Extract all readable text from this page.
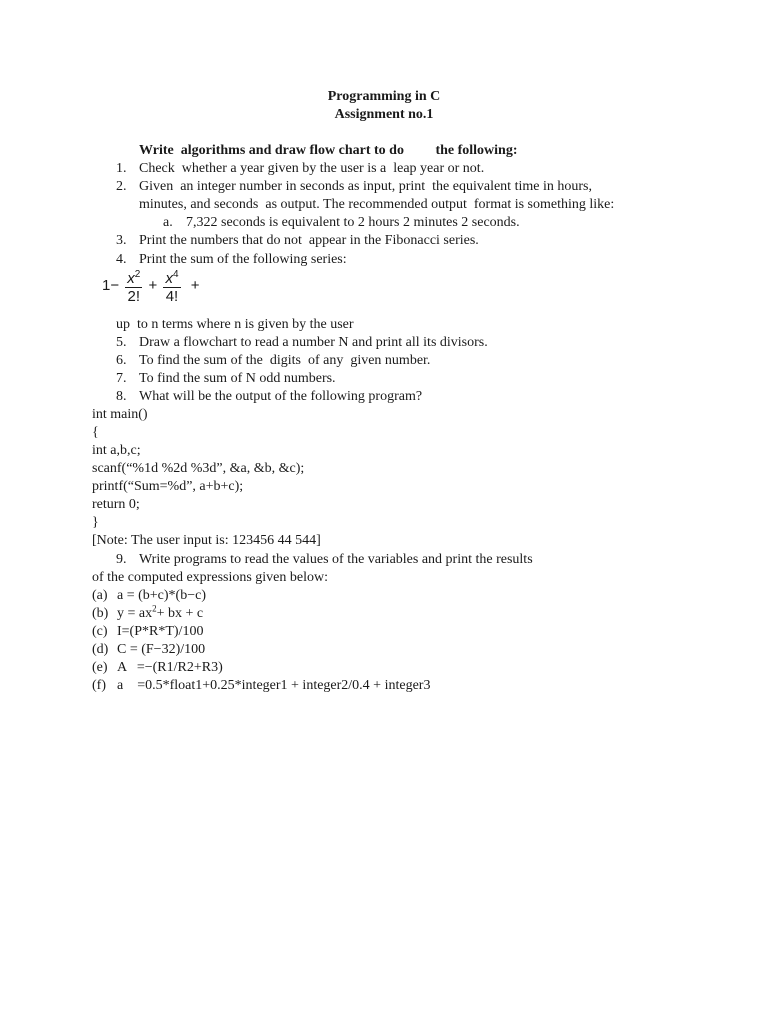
Programming in C
Assignment no.1
Write  algorithms and draw flow chart to do         the following:
1. Check  whether a year given by the user is a  leap year or not.
2. Given  an integer number in seconds as input, print  the equivalent time in hours,
minutes, and seconds  as output. The recommended output  format is something like:
a. 7,322 seconds is equivalent to 2 hours 2 minutes 2 seconds.
3. Print the numbers that do not  appear in the Fibonacci series.
4. Print the sum of the following series:
$1- \frac{x^2}{2!} + \frac{x^4}{4!}$ +
up  to n terms where n is given by the user
5. Draw a flowchart to read a number N and print all its divisors.
6. To find the sum of the  digits  of any  given number.
7. To find the sum of N odd numbers.
8. What will be the output of the following program?
int main()
{
int a,b,c;
scanf(“%1d %2d %3d”, &a, &b, &c);
printf(“Sum=%d”, a+b+c);
return 0;
}
[Note: The user input is: 123456 44 544]
9. Write programs to read the values of the variables and print the results
of the computed expressions given below:
(a) a = (b+c)*(b−c)
(b) $y = ax^2+$ bx + c
(c) I=(P*R*T)/100
(d) C = (F−32)/100
(e) A   =−(R1/R2+R3)
(f) a    =0.5*float1+0.25*integer1 + integer2/0.4 + integer3
